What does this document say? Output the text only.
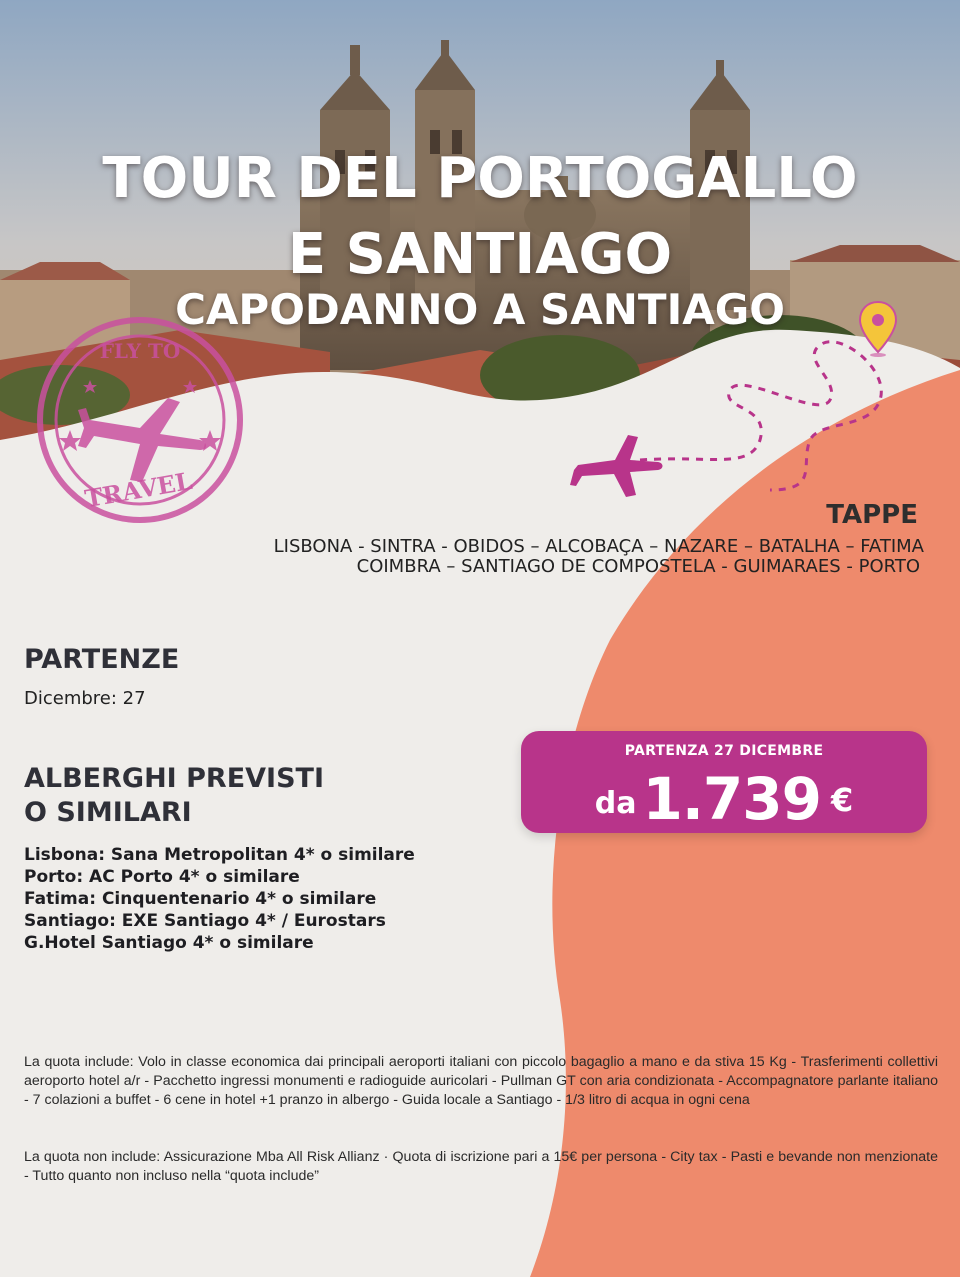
TOUR DEL PORTOGALLO
E SANTIAGO
CAPODANNO A SANTIAGO
FLY TO
TRAVEL
TAPPE

LISBONA - SINTRA - OBIDOS – ALCOBAÇA – NAZARE – BATALHA – FATIMA

COIMBRA – SANTIAGO DE COMPOSTELA - GUIMARAES - PORTO

PARTENZE

Dicembre: 27

ALBERGHI PREVISTI
O SIMILARI
Lisbona: Sana Metropolitan 4* o similare
Porto: AC Porto 4* o similare
Fatima: Cinquentenario 4* o similare
Santiago: EXE Santiago 4* / Eurostars
G.Hotel Santiago 4* o similare
PARTENZA 27 DICEMBRE
da 1.739 €

La quota include: Volo in classe economica dai principali aeroporti italiani con piccolo bagaglio a mano e da stiva 15 Kg - Trasferimenti collettivi aeroporto hotel a/r - Pacchetto ingressi monumenti e radioguide auricolari - Pullman GT con aria condizionata - Accompagnatore parlante italiano - 7 colazioni a buffet - 6 cene in hotel +1 pranzo in albergo - Guida locale a Santiago - 1/3 litro di acqua in ogni cena

La quota non include: Assicurazione Mba All Risk Allianz · Quota di iscrizione pari a 15€ per persona - City tax - Pasti e bevande non menzionate - Tutto quanto non incluso nella “quota include”
